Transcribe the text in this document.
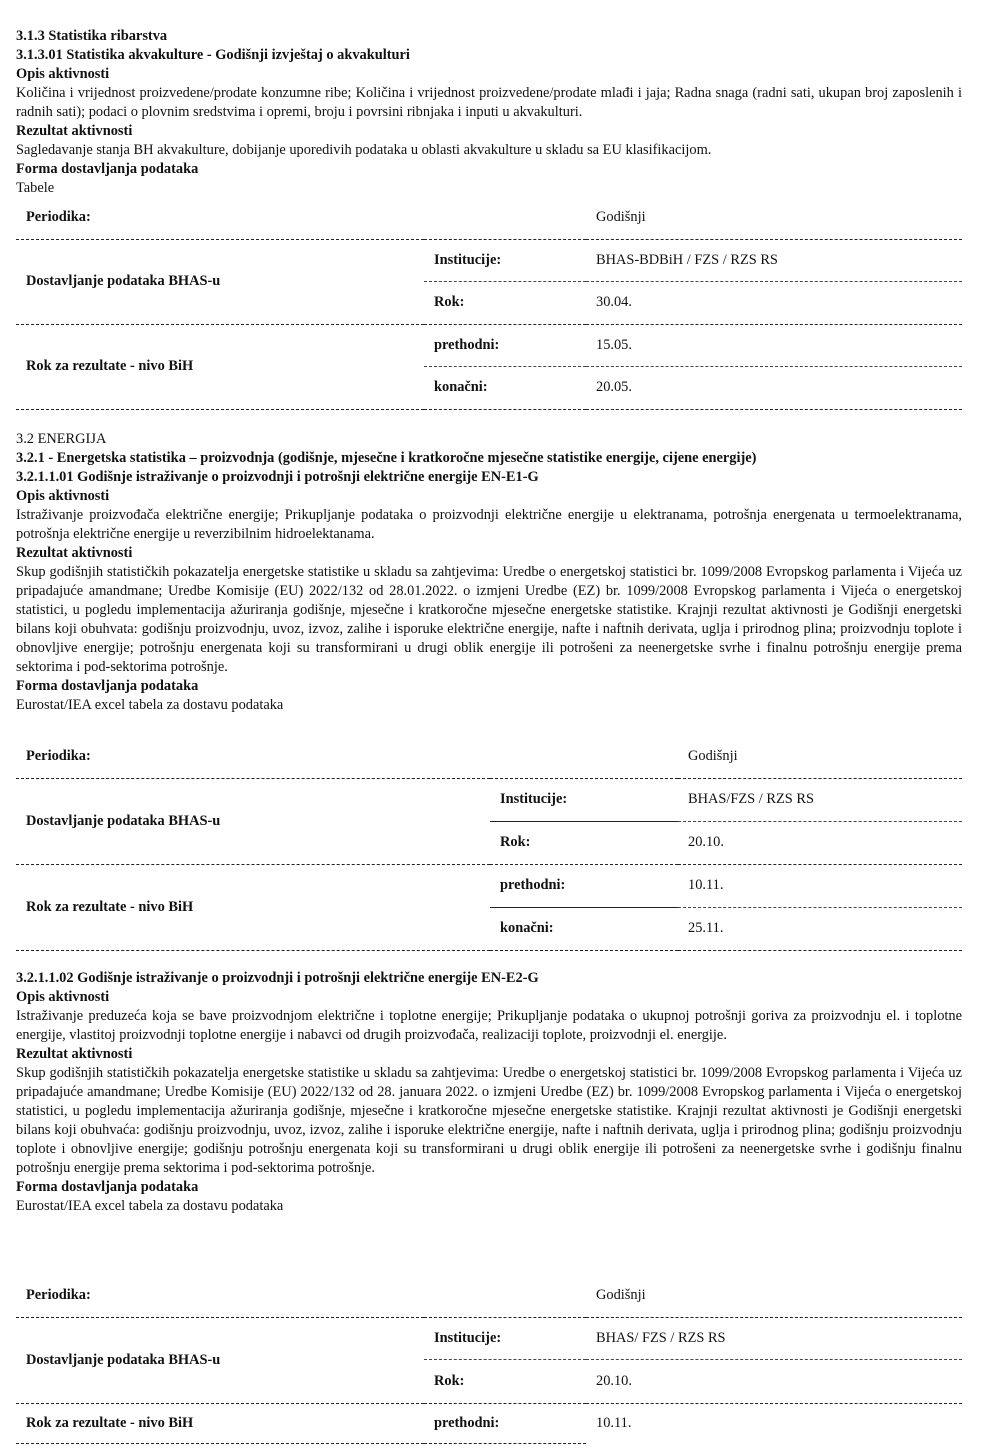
3.1.3 Statistika ribarstva

3.1.3.01 Statistika akvakulture - Godišnji izvještaj o akvakulturi

Opis aktivnosti

Količina i vrijednost proizvedene/prodate konzumne ribe; Količina i vrijednost proizvedene/prodate mlađi i jaja; Radna snaga (radni sati, ukupan broj zaposlenih i radnih sati); podaci o plovnim sredstvima i opremi, broju i povrsini ribnjaka i inputi u akvakulturi.

Rezultat aktivnosti

Sagledavanje stanja BH akvakulture, dobijanje uporedivih podataka u oblasti akvakulture u skladu sa EU klasifikacijom.

Forma dostavljanja podataka

Tabele

Periodika:		Godišnji
Dostavljanje podataka BHAS-u	Institucije:	BHAS-BDBiH / FZS / RZS RS
	Rok:	30.04.
Rok za rezultate - nivo BiH	prethodni:	15.05.
	konačni:	20.05.

3.2 ENERGIJA

3.2.1 - Energetska statistika – proizvodnja (godišnje, mjesečne i kratkoročne mjesečne statistike energije, cijene energije)

3.2.1.1.01 Godišnje istraživanje o proizvodnji i potrošnji električne energije EN-E1-G

Opis aktivnosti

Istraživanje proizvođača električne energije; Prikupljanje podataka o proizvodnji električne energije u elektranama, potrošnja energenata u termoelektranama, potrošnja električne energije u reverzibilnim hidroelektanama.

Rezultat aktivnosti

Skup godišnjih statističkih pokazatelja energetske statistike u skladu sa zahtjevima: Uredbe o energetskoj statistici br. 1099/2008 Evropskog parlamenta i Vijeća uz pripadajuće amandmane; Uredbe Komisije (EU) 2022/132 od 28.01.2022. o izmjeni Uredbe (EZ) br. 1099/2008 Evropskog parlamenta i Vijeća o energetskoj statistici, u pogledu implementacija ažuriranja godišnje, mjesečne i kratkoročne mjesečne energetske statistike. Krajnji rezultat aktivnosti je Godišnji energetski bilans koji obuhvata: godišnju proizvodnju, uvoz, izvoz, zalihe i isporuke električne energije, nafte i naftnih derivata, uglja i prirodnog plina; proizvodnju toplote i obnovljive energije; potrošnju energenata koji su transformirani u drugi oblik energije ili potrošeni za neenergetske svrhe i finalnu potrošnju energije prema sektorima i pod-sektorima potrošnje.

Forma dostavljanja podataka

Eurostat/IEA excel tabela za dostavu podataka

Periodika:		Godišnji
Dostavljanje podataka BHAS-u	Institucije:	BHAS/FZS / RZS RS
	Rok:	20.10.
Rok za rezultate - nivo BiH	prethodni:	10.11.
	konačni:	25.11.

3.2.1.1.02 Godišnje istraživanje o proizvodnji i potrošnji električne energije EN-E2-G

Opis aktivnosti

Istraživanje preduzeća koja se bave proizvodnjom električne i toplotne energije; Prikupljanje podataka o ukupnoj potrošnji goriva za proizvodnju el. i toplotne energije, vlastitoj proizvodnji toplotne energije i nabavci od drugih proizvođača, realizaciji toplote, proizvodnji el. energije.

Rezultat aktivnosti

Skup godišnjih statističkih pokazatelja energetske statistike u skladu sa zahtjevima: Uredbe o energetskoj statistici br. 1099/2008 Evropskog parlamenta i Vijeća uz pripadajuće amandmane; Uredbe Komisije (EU) 2022/132 od 28. januara 2022. o izmjeni Uredbe (EZ) br. 1099/2008 Evropskog parlamenta i Vijeća o energetskoj statistici, u pogledu implementacija ažuriranja godišnje, mjesečne i kratkoročne mjesečne energetske statistike. Krajnji rezultat aktivnosti je Godišnji energetski bilans koji obuhvaća: godišnju proizvodnju, uvoz, izvoz, zalihe i isporuke električne energije, nafte i naftnih derivata, uglja i prirodnog plina; godišnju proizvodnju toplote i obnovljive energije; godišnju potrošnju energenata koji su transformirani u drugi oblik energije ili potrošeni za neenergetske svrhe i godišnju finalnu potrošnju energije prema sektorima i pod-sektorima potrošnje.

Forma dostavljanja podataka

Eurostat/IEA excel tabela za dostavu podataka

Periodika:		Godišnji
Dostavljanje podataka BHAS-u	Institucije:	BHAS/ FZS / RZS RS
	Rok:	20.10.
Rok za rezultate - nivo BiH	prethodni:	10.11.
